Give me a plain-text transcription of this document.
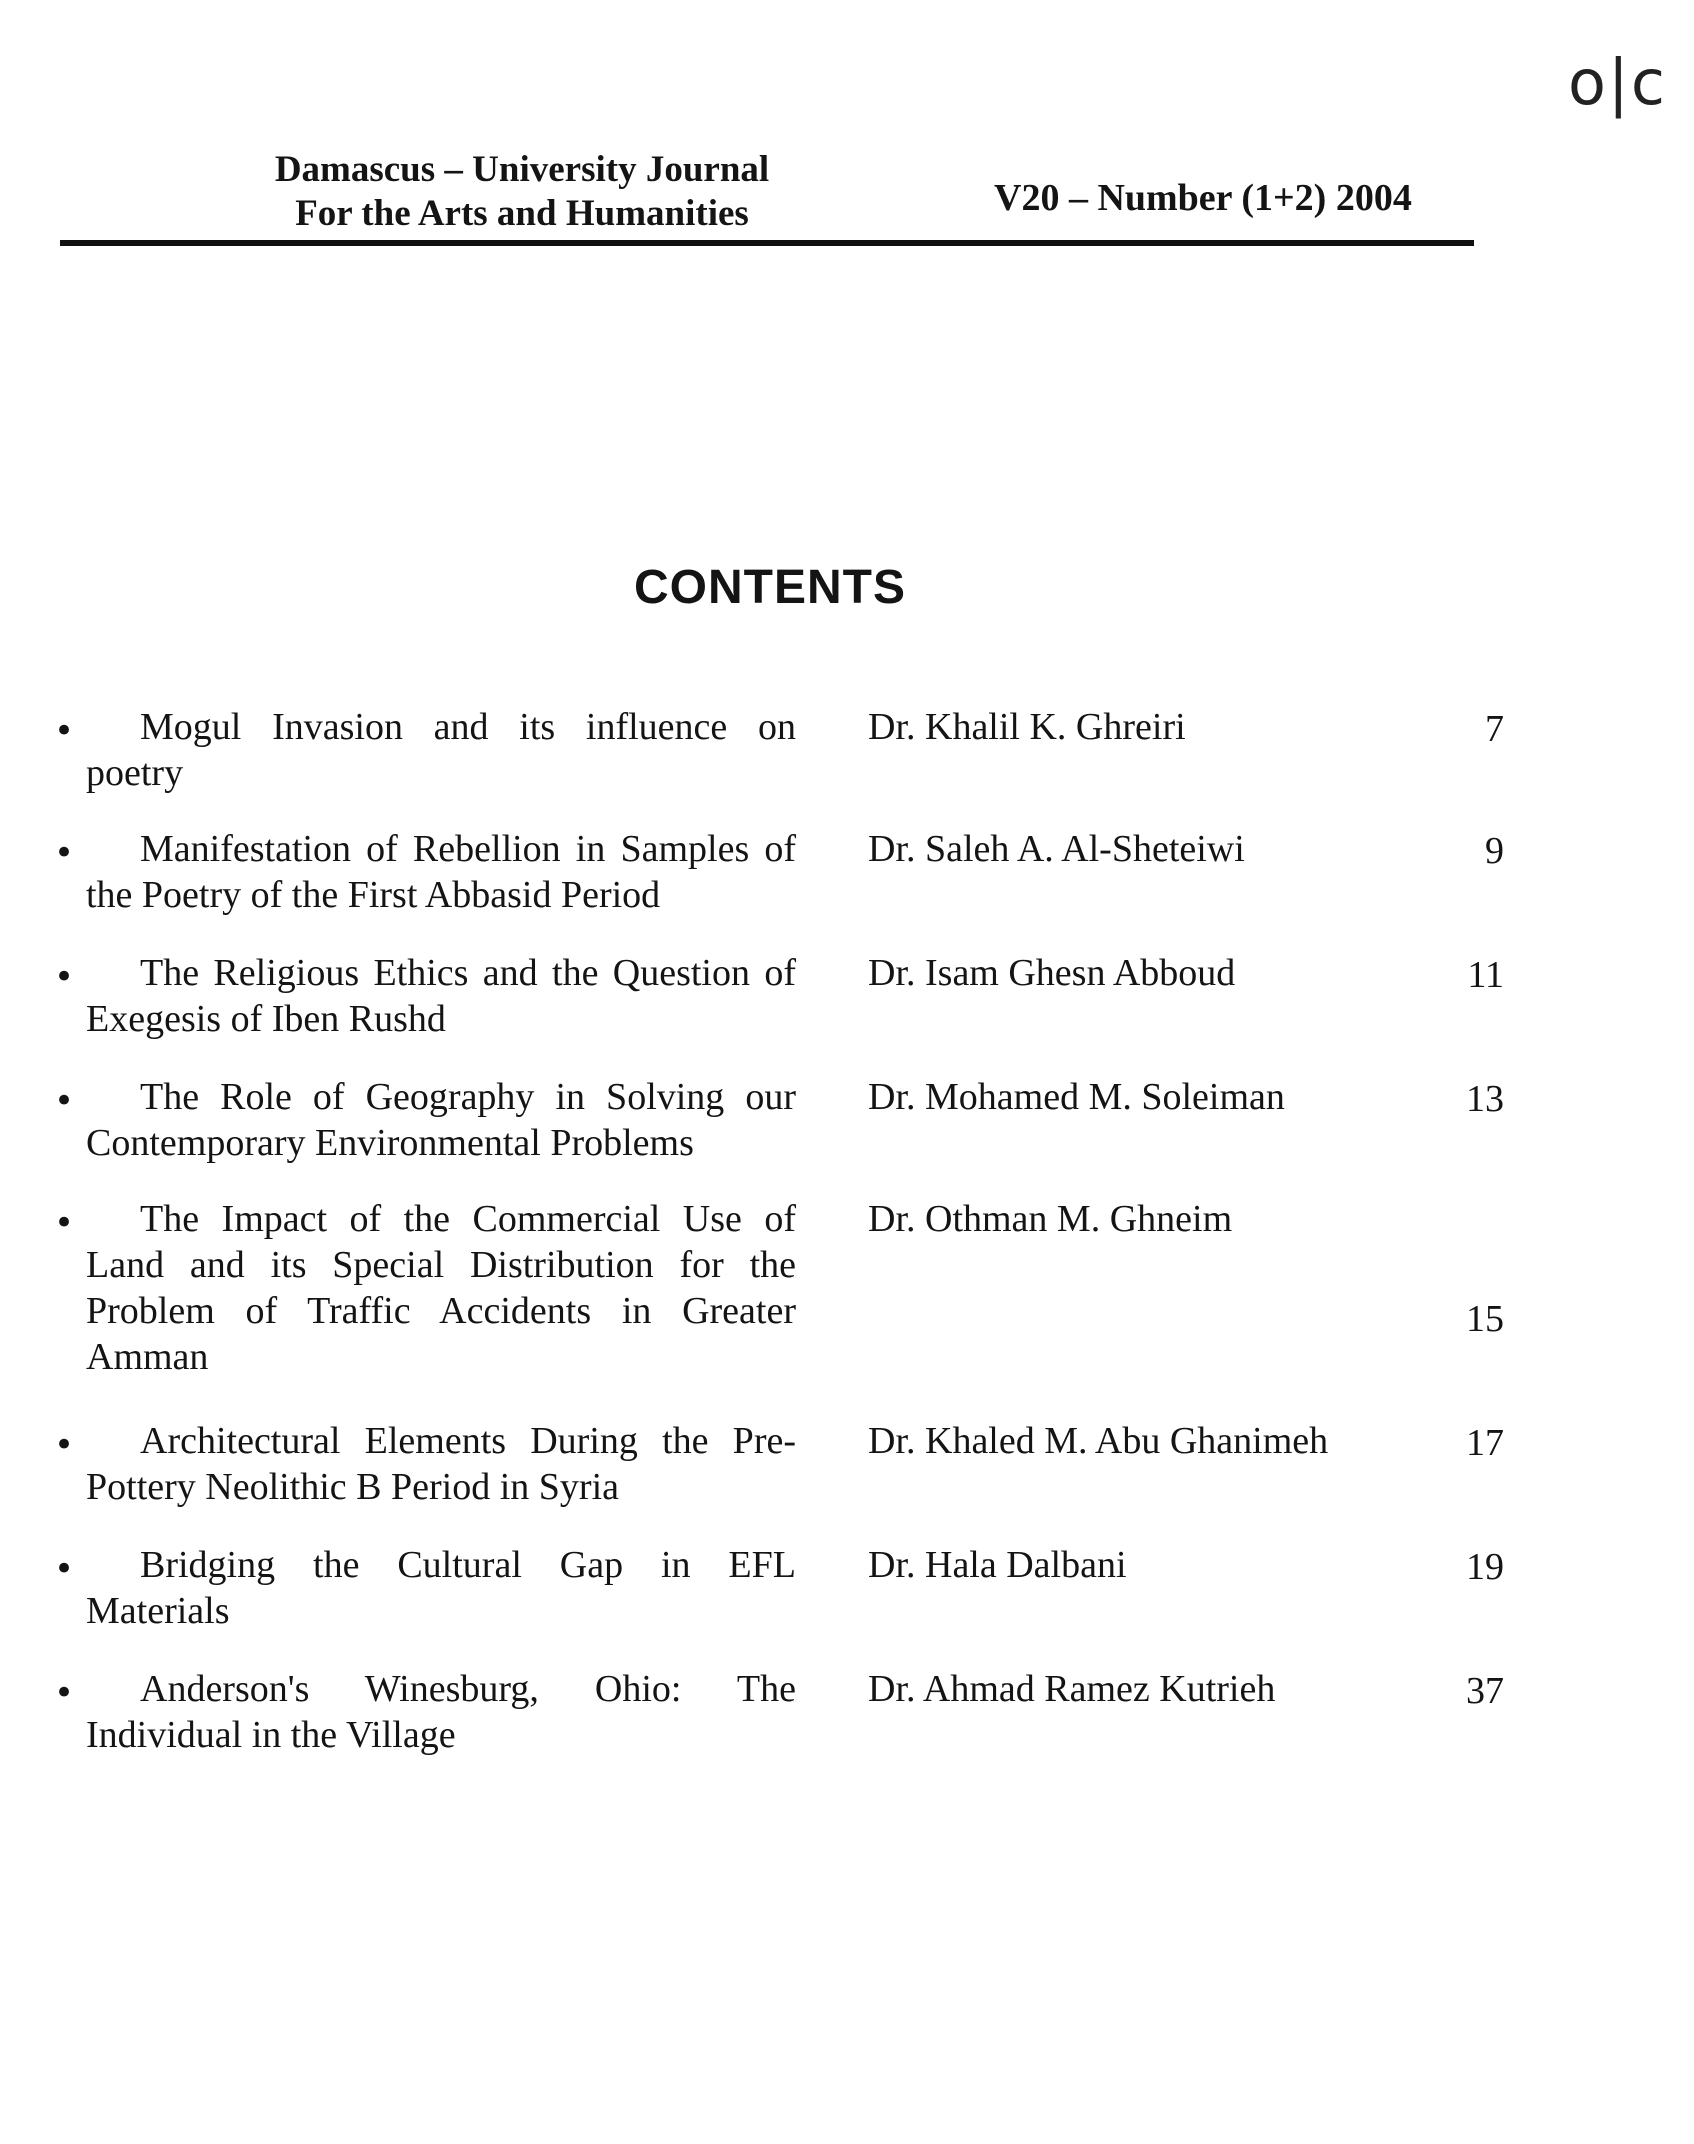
o|c
Damascus – University Journal
For the Arts and Humanities	V20 – Number (1+2) 2004
CONTENTS
•	Mogul Invasion and its influence on poetry
Dr. Khalil K. Ghreiri	7
•	Manifestation of Rebellion in Samples of the Poetry of the First Abbasid Period
Dr. Saleh A. Al-Sheteiwi	9
•	The Religious Ethics and the Question of Exegesis of Iben Rushd
Dr. Isam Ghesn Abboud	11
•	The Role of Geography in Solving our Contemporary Environmental Problems
Dr. Mohamed M. Soleiman	13
•	The Impact of the Commercial Use of Land and its Special Distribution for the Problem of Traffic Accidents in Greater Amman
Dr. Othman M. Ghneim
15
•	Architectural Elements During the Pre-Pottery Neolithic B Period in Syria
Dr. Khaled M. Abu Ghanimeh	17
•	Bridging the Cultural Gap in EFL Materials
Dr. Hala Dalbani	19
•	Anderson's Winesburg, Ohio: The Individual in the Village
Dr. Ahmad Ramez Kutrieh	37
